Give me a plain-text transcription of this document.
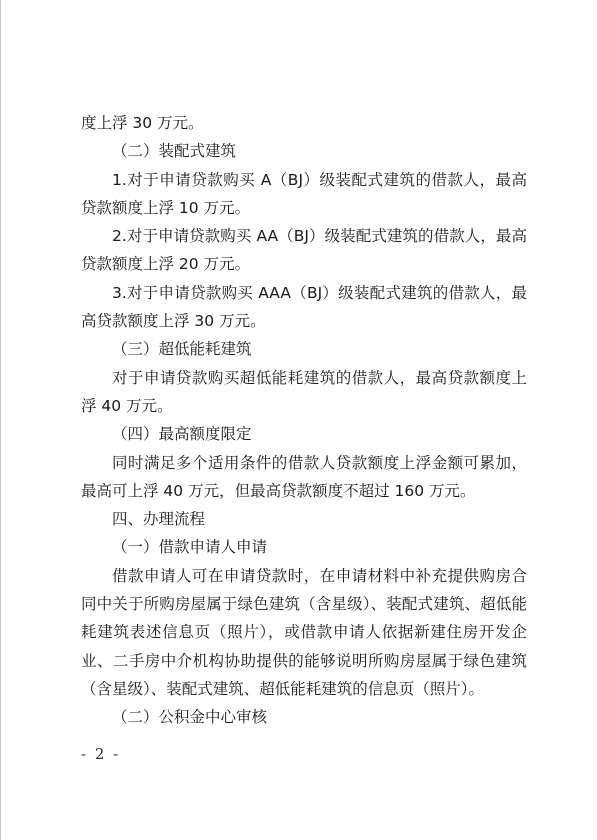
度上浮 30 万元。

（二）装配式建筑

1.对于申请贷款购买 A（BJ）级装配式建筑的借款人，最高贷款额度上浮 10 万元。

2.对于申请贷款购买 AA（BJ）级装配式建筑的借款人，最高贷款额度上浮 20 万元。

3.对于申请贷款购买 AAA（BJ）级装配式建筑的借款人，最高贷款额度上浮 30 万元。

（三）超低能耗建筑

对于申请贷款购买超低能耗建筑的借款人，最高贷款额度上浮 40 万元。

（四）最高额度限定

同时满足多个适用条件的借款人贷款额度上浮金额可累加，最高可上浮 40 万元，但最高贷款额度不超过 160 万元。

四、办理流程

（一）借款申请人申请

借款申请人可在申请贷款时，在申请材料中补充提供购房合同中关于所购房屋属于绿色建筑（含星级）、装配式建筑、超低能耗建筑表述信息页（照片），或借款申请人依据新建住房开发企业、二手房中介机构协助提供的能够说明所购房屋属于绿色建筑（含星级）、装配式建筑、超低能耗建筑的信息页（照片）。

（二）公积金中心审核

- 2 -
